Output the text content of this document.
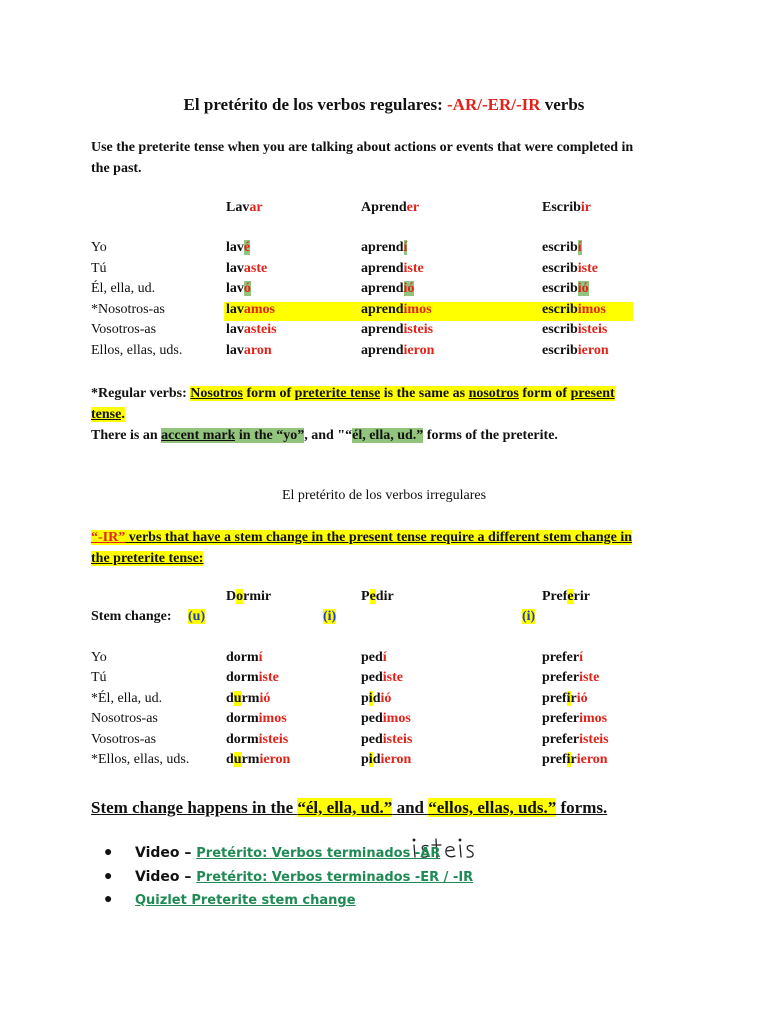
El pretérito de los verbos regulares: -AR/-ER/-IR verbs
Use the preterite tense when you are talking about actions or events that were completed in
the past.
Lavar	Aprender	Escribir
Yo	lavé	aprendí	escribí
Tú	lavaste	aprendiste	escribiste
Él, ella, ud.	lavó	aprendió	escribió
*Nosotros-as	lavamos	aprendimos	escribimos
Vosotros-as	lavasteis	aprendisteis	escribisteis
Ellos, ellas, uds.	lavaron	aprendieron	escribieron
*Regular verbs: Nosotros form of preterite tense is the same as nosotros form of present
tense.
There is an accent mark in the “yo”, and "“él, ella, ud.” forms of the preterite.
El pretérito de los verbos irregulares
“-IR” verbs that have a stem change in the present tense require a different stem change in
the preterite tense:
Dormir	Pedir	Preferir
Stem change: (u)	(i)	(i)
Yo	dormí	pedí	preferí
Tú	dormiste	pediste	preferiste
*Él, ella, ud.	durmió	pidió	prefirió
Nosotros-as	dormimos	pedimos	preferimos
Vosotros-as	dormisteis	pedisteis	preferisteis
*Ellos, ellas, uds.	durmieron	pidieron	prefirieron
Stem change happens in the “él, ella, ud.” and “ellos, ellas, uds.” forms.
● Video – Pretérito: Verbos terminados -AR
● Video – Pretérito: Verbos terminados -ER / -IR
● Quizlet Preterite stem change
